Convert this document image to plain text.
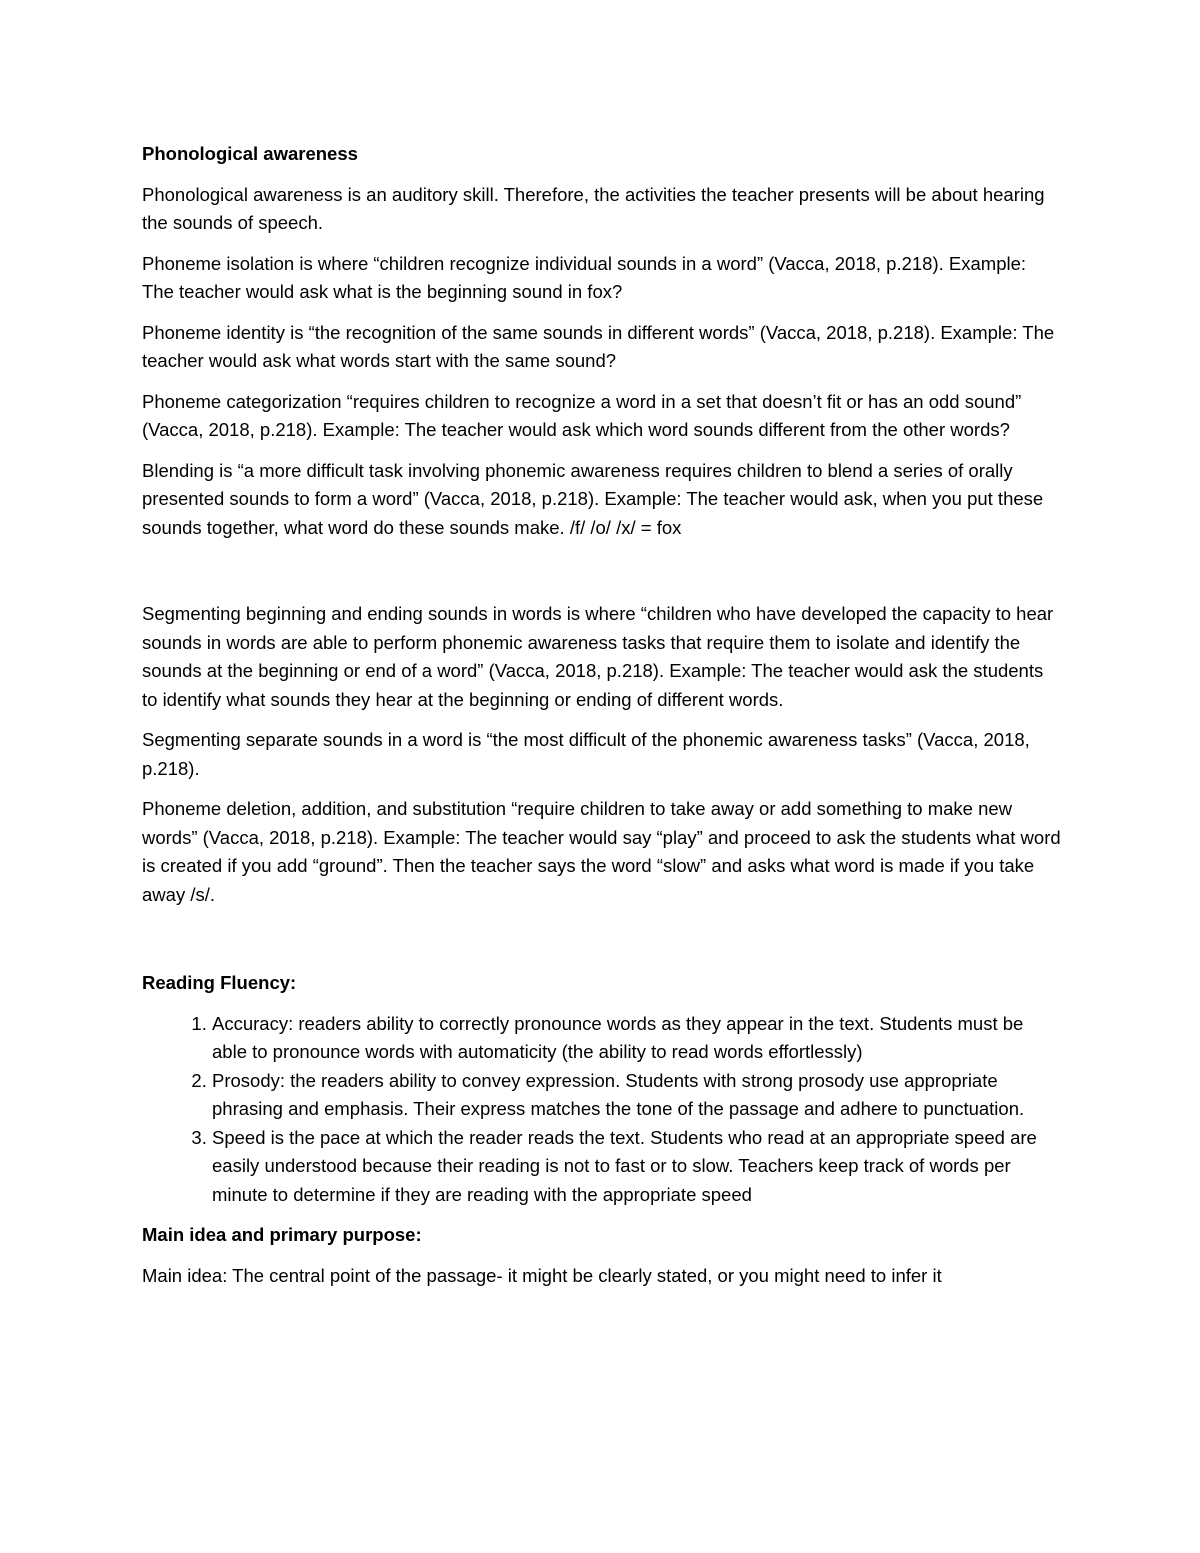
Phonological awareness

Phonological awareness is an auditory skill. Therefore, the activities the teacher presents will be about hearing the sounds of speech.

Phoneme isolation is where “children recognize individual sounds in a word” (Vacca, 2018, p.218). Example: The teacher would ask what is the beginning sound in fox?

Phoneme identity is “the recognition of the same sounds in different words” (Vacca, 2018, p.218). Example: The teacher would ask what words start with the same sound?

Phoneme categorization “requires children to recognize a word in a set that doesn’t fit or has an odd sound” (Vacca, 2018, p.218). Example: The teacher would ask which word sounds different from the other words?

Blending is “a more difficult task involving phonemic awareness requires children to blend a series of orally presented sounds to form a word” (Vacca, 2018, p.218). Example: The teacher would ask, when you put these sounds together, what word do these sounds make. /f/ /o/ /x/ = fox

Segmenting beginning and ending sounds in words is where “children who have developed the capacity to hear sounds in words are able to perform phonemic awareness tasks that require them to isolate and identify the sounds at the beginning or end of a word” (Vacca, 2018, p.218). Example: The teacher would ask the students to identify what sounds they hear at the beginning or ending of different words.

Segmenting separate sounds in a word is “the most difficult of the phonemic awareness tasks” (Vacca, 2018, p.218).

Phoneme deletion, addition, and substitution “require children to take away or add something to make new words” (Vacca, 2018, p.218). Example: The teacher would say “play” and proceed to ask the students what word is created if you add “ground”. Then the teacher says the word “slow” and asks what word is made if you take away /s/.

Reading Fluency:

1. Accuracy: readers ability to correctly pronounce words as they appear in the text. Students must be able to pronounce words with automaticity (the ability to read words effortlessly)
2. Prosody: the readers ability to convey expression. Students with strong prosody use appropriate phrasing and emphasis. Their express matches the tone of the passage and adhere to punctuation.
3. Speed is the pace at which the reader reads the text. Students who read at an appropriate speed are easily understood because their reading is not to fast or to slow. Teachers keep track of words per minute to determine if they are reading with the appropriate speed

Main idea and primary purpose:

Main idea: The central point of the passage- it might be clearly stated, or you might need to infer it
